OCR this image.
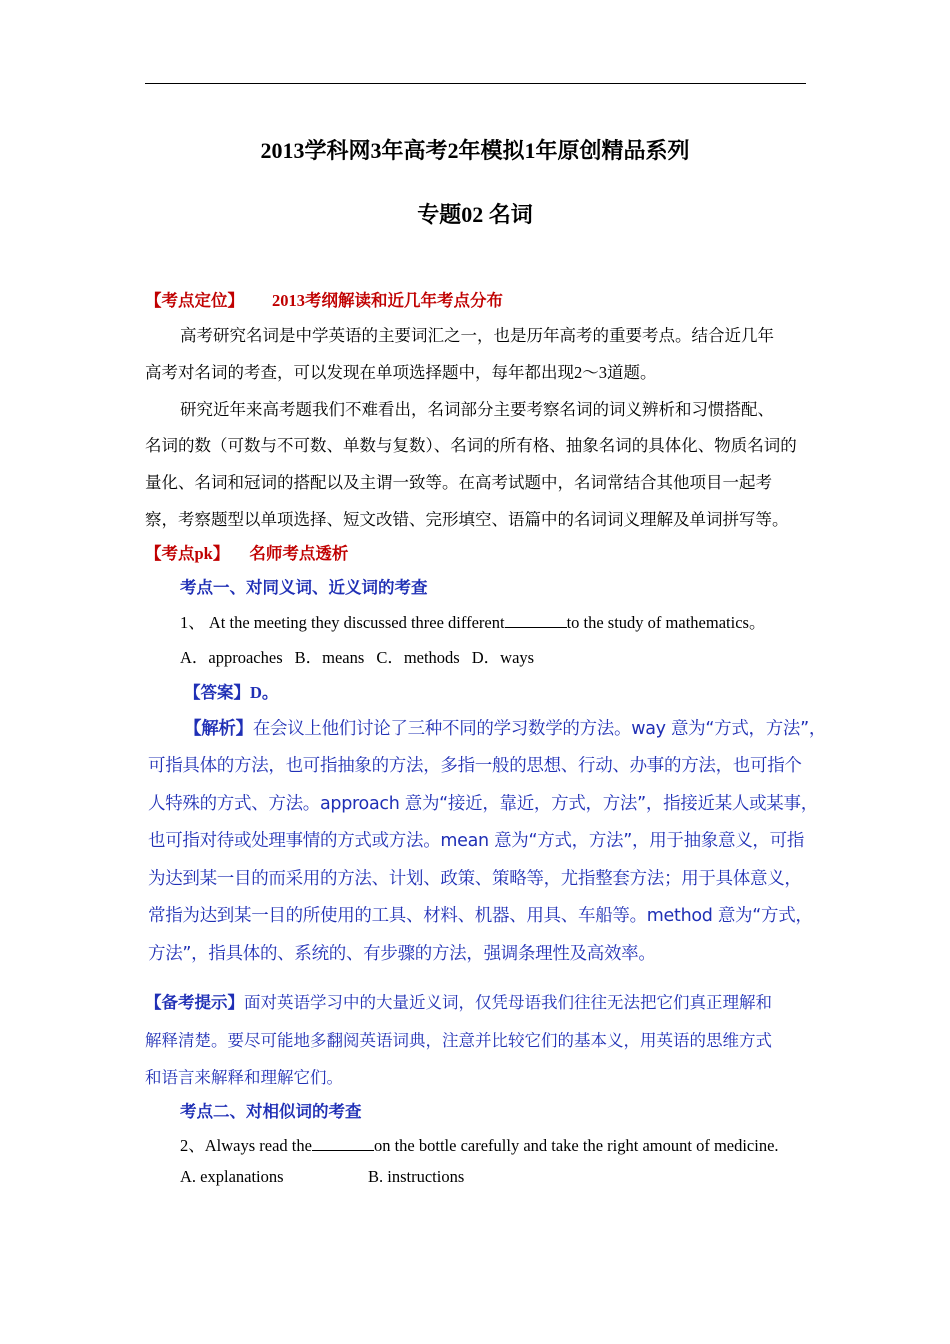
2013学科网3年高考2年模拟1年原创精品系列
专题02 名词
【考点定位】 2013考纲解读和近几年考点分布
高考研究名词是中学英语的主要词汇之一，也是历年高考的重要考点。结合近几年
高考对名词的考查，可以发现在单项选择题中，每年都出现2～3道题。
研究近年来高考题我们不难看出，名词部分主要考察名词的词义辨析和习惯搭配、
名词的数（可数与不可数、单数与复数）、名词的所有格、抽象名词的具体化、物质名词的
量化、名词和冠词的搭配以及主谓一致等。在高考试题中，名词常结合其他项目一起考
察，考察题型以单项选择、短文改错、完形填空、语篇中的名词词义理解及单词拼写等。
【考点pk】 名师考点透析
考点一、对同义词、近义词的考查
1、 At the meeting they discussed three different	to the study of mathematics。
A．approaches B．means C．methods D．ways
【答案】D。
【解析】在会议上他们讨论了三种不同的学习数学的方法。way 意为“方式，方法”，
可指具体的方法，也可指抽象的方法，多指一般的思想、行动、办事的方法，也可指个
人特殊的方式、方法。approach 意为“接近，靠近，方式，方法”，指接近某人或某事，
也可指对待或处理事情的方式或方法。mean 意为“方式，方法”，用于抽象意义，可指
为达到某一目的而采用的方法、计划、政策、策略等，尤指整套方法；用于具体意义，
常指为达到某一目的所使用的工具、材料、机器、用具、车船等。method 意为“方式，
方法”，指具体的、系统的、有步骤的方法，强调条理性及高效率。
【备考提示】面对英语学习中的大量近义词，仅凭母语我们往往无法把它们真正理解和
解释清楚。要尽可能地多翻阅英语词典，注意并比较它们的基本义，用英语的思维方式
和语言来解释和理解它们。
考点二、对相似词的考查
2、Always read the	on the bottle carefully and take the right amount of medicine.
A. explanations	B. instructions
